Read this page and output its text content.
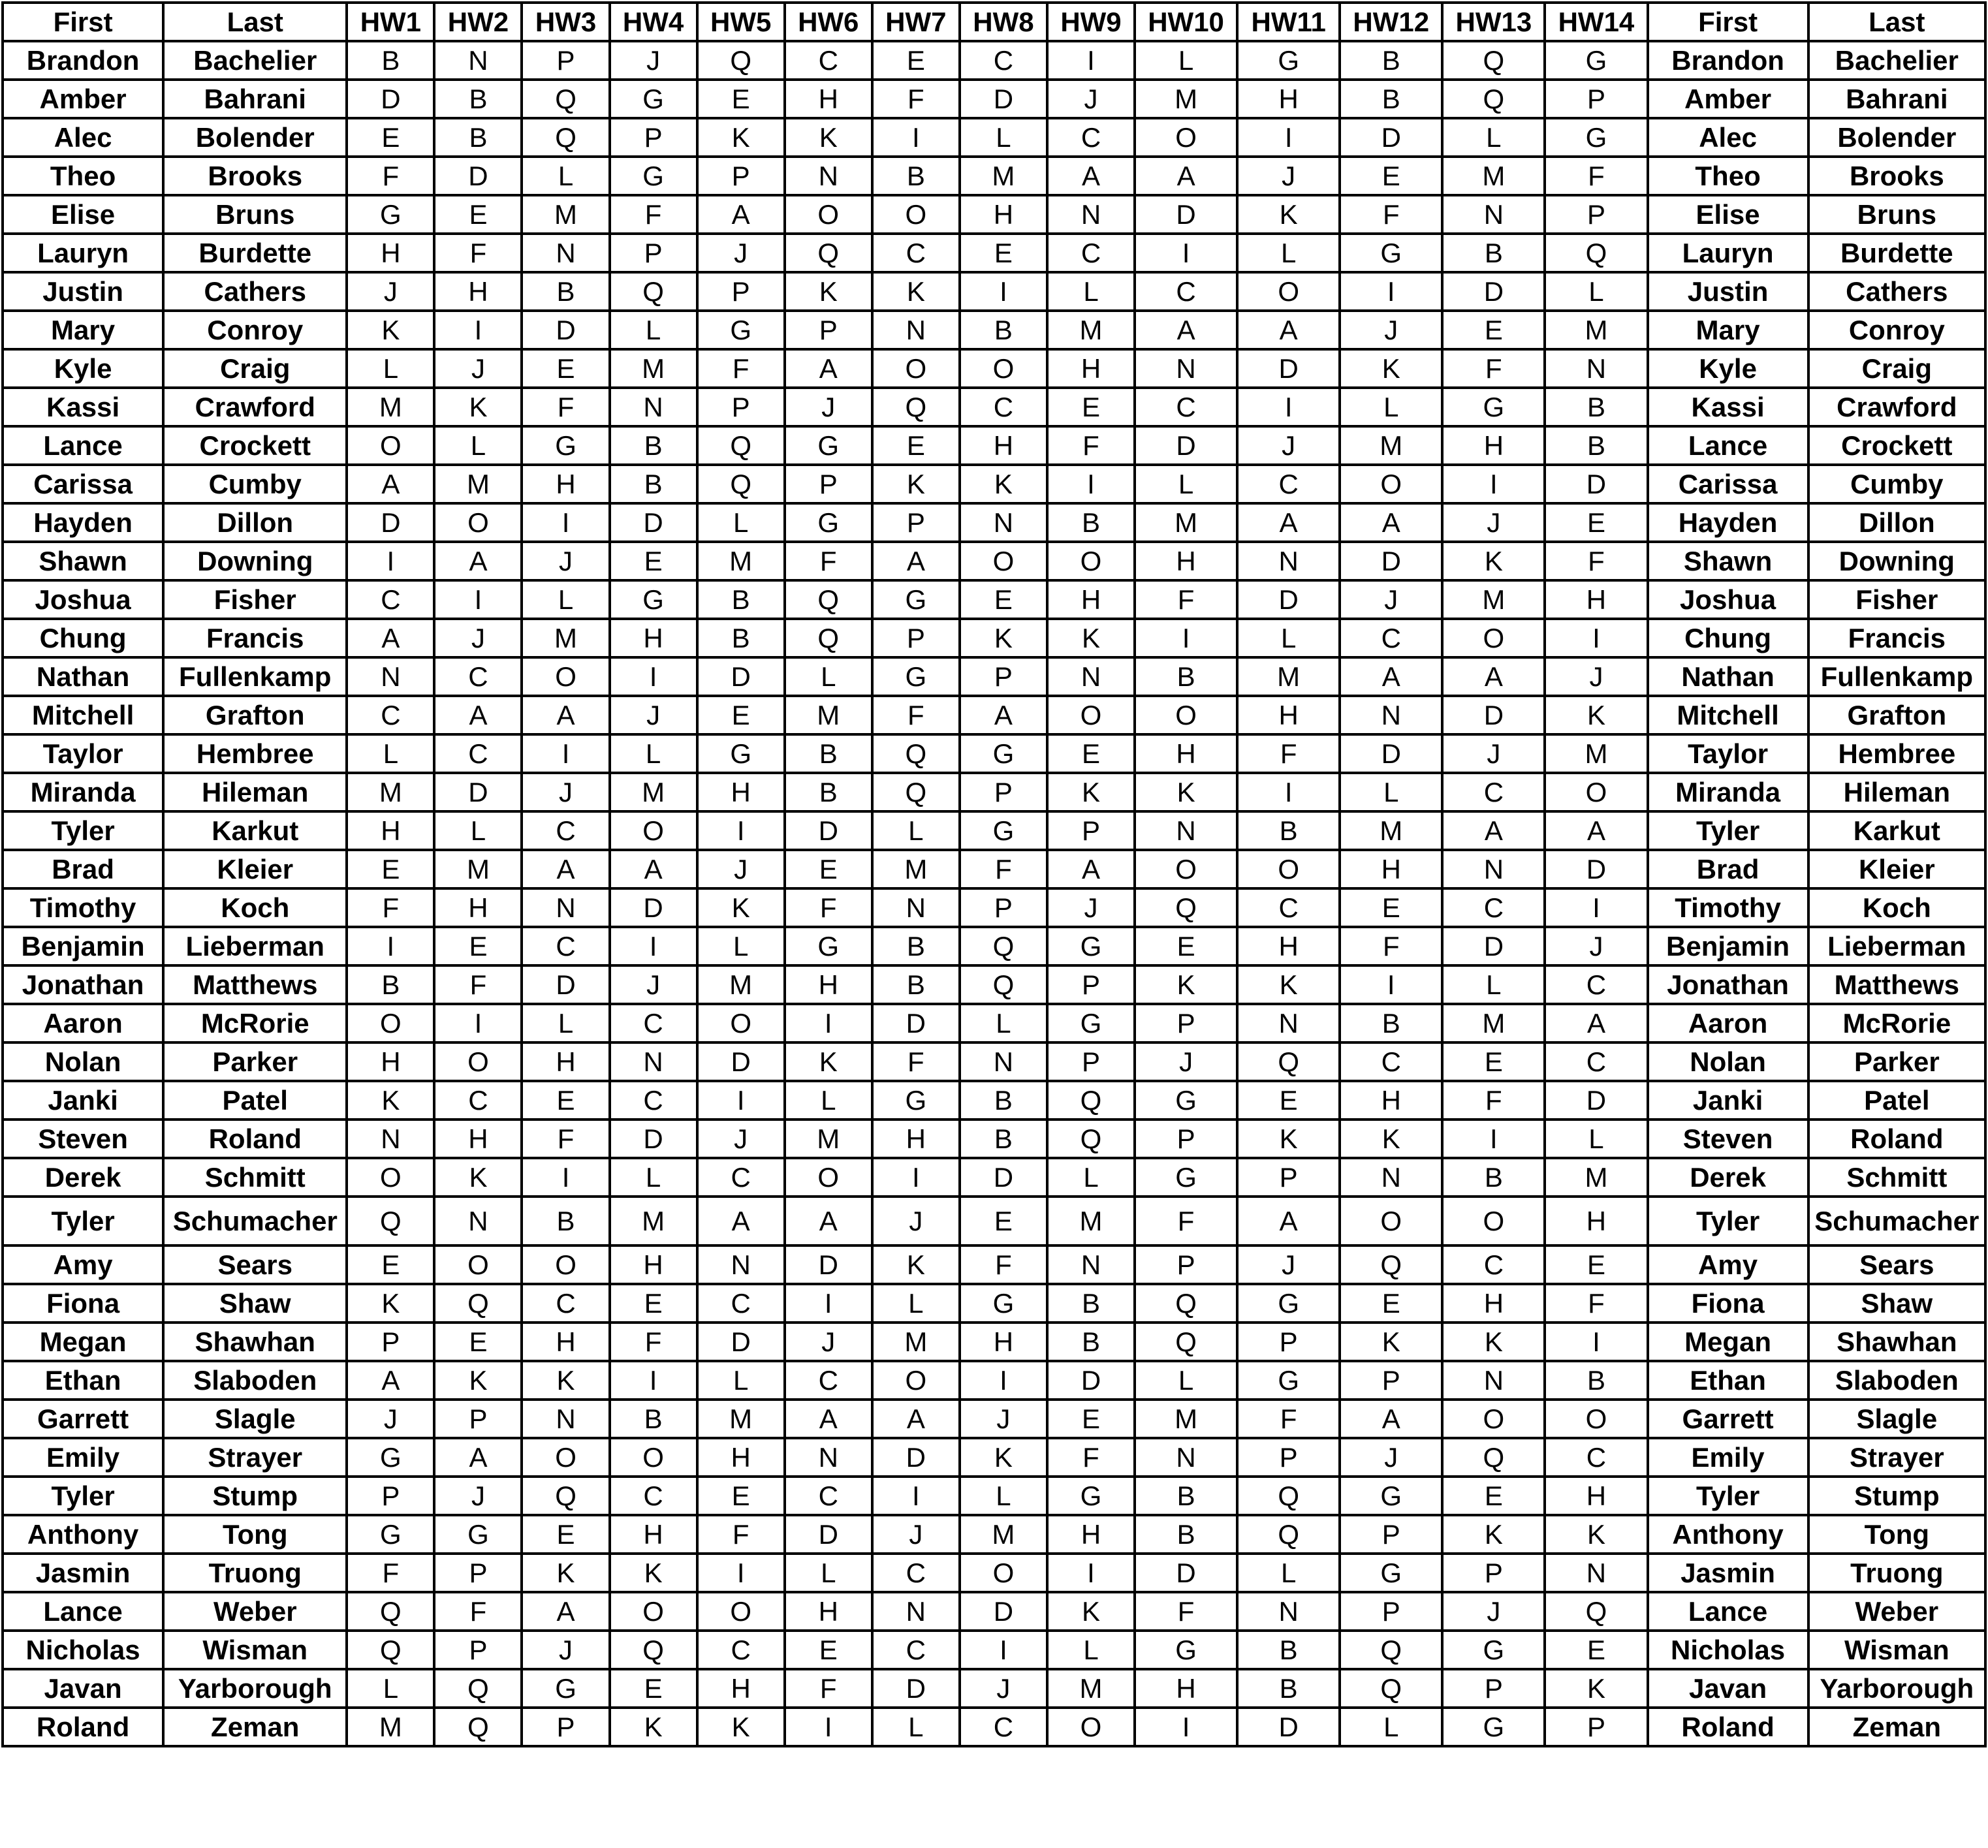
First	Last	HW1	HW2	HW3	HW4	HW5	HW6	HW7	HW8	HW9	HW10	HW11	HW12	HW13	HW14	First	Last
Brandon	Bachelier	B	N	P	J	Q	C	E	C	I	L	G	B	Q	G	Brandon	Bachelier
Amber	Bahrani	D	B	Q	G	E	H	F	D	J	M	H	B	Q	P	Amber	Bahrani
Alec	Bolender	E	B	Q	P	K	K	I	L	C	O	I	D	L	G	Alec	Bolender
Theo	Brooks	F	D	L	G	P	N	B	M	A	A	J	E	M	F	Theo	Brooks
Elise	Bruns	G	E	M	F	A	O	O	H	N	D	K	F	N	P	Elise	Bruns
Lauryn	Burdette	H	F	N	P	J	Q	C	E	C	I	L	G	B	Q	Lauryn	Burdette
Justin	Cathers	J	H	B	Q	P	K	K	I	L	C	O	I	D	L	Justin	Cathers
Mary	Conroy	K	I	D	L	G	P	N	B	M	A	A	J	E	M	Mary	Conroy
Kyle	Craig	L	J	E	M	F	A	O	O	H	N	D	K	F	N	Kyle	Craig
Kassi	Crawford	M	K	F	N	P	J	Q	C	E	C	I	L	G	B	Kassi	Crawford
Lance	Crockett	O	L	G	B	Q	G	E	H	F	D	J	M	H	B	Lance	Crockett
Carissa	Cumby	A	M	H	B	Q	P	K	K	I	L	C	O	I	D	Carissa	Cumby
Hayden	Dillon	D	O	I	D	L	G	P	N	B	M	A	A	J	E	Hayden	Dillon
Shawn	Downing	I	A	J	E	M	F	A	O	O	H	N	D	K	F	Shawn	Downing
Joshua	Fisher	C	I	L	G	B	Q	G	E	H	F	D	J	M	H	Joshua	Fisher
Chung	Francis	A	J	M	H	B	Q	P	K	K	I	L	C	O	I	Chung	Francis
Nathan	Fullenkamp	N	C	O	I	D	L	G	P	N	B	M	A	A	J	Nathan	Fullenkamp
Mitchell	Grafton	C	A	A	J	E	M	F	A	O	O	H	N	D	K	Mitchell	Grafton
Taylor	Hembree	L	C	I	L	G	B	Q	G	E	H	F	D	J	M	Taylor	Hembree
Miranda	Hileman	M	D	J	M	H	B	Q	P	K	K	I	L	C	O	Miranda	Hileman
Tyler	Karkut	H	L	C	O	I	D	L	G	P	N	B	M	A	A	Tyler	Karkut
Brad	Kleier	E	M	A	A	J	E	M	F	A	O	O	H	N	D	Brad	Kleier
Timothy	Koch	F	H	N	D	K	F	N	P	J	Q	C	E	C	I	Timothy	Koch
Benjamin	Lieberman	I	E	C	I	L	G	B	Q	G	E	H	F	D	J	Benjamin	Lieberman
Jonathan	Matthews	B	F	D	J	M	H	B	Q	P	K	K	I	L	C	Jonathan	Matthews
Aaron	McRorie	O	I	L	C	O	I	D	L	G	P	N	B	M	A	Aaron	McRorie
Nolan	Parker	H	O	H	N	D	K	F	N	P	J	Q	C	E	C	Nolan	Parker
Janki	Patel	K	C	E	C	I	L	G	B	Q	G	E	H	F	D	Janki	Patel
Steven	Roland	N	H	F	D	J	M	H	B	Q	P	K	K	I	L	Steven	Roland
Derek	Schmitt	O	K	I	L	C	O	I	D	L	G	P	N	B	M	Derek	Schmitt
Tyler	Schumacher	Q	N	B	M	A	A	J	E	M	F	A	O	O	H	Tyler	Schumacher
Amy	Sears	E	O	O	H	N	D	K	F	N	P	J	Q	C	E	Amy	Sears
Fiona	Shaw	K	Q	C	E	C	I	L	G	B	Q	G	E	H	F	Fiona	Shaw
Megan	Shawhan	P	E	H	F	D	J	M	H	B	Q	P	K	K	I	Megan	Shawhan
Ethan	Slaboden	A	K	K	I	L	C	O	I	D	L	G	P	N	B	Ethan	Slaboden
Garrett	Slagle	J	P	N	B	M	A	A	J	E	M	F	A	O	O	Garrett	Slagle
Emily	Strayer	G	A	O	O	H	N	D	K	F	N	P	J	Q	C	Emily	Strayer
Tyler	Stump	P	J	Q	C	E	C	I	L	G	B	Q	G	E	H	Tyler	Stump
Anthony	Tong	G	G	E	H	F	D	J	M	H	B	Q	P	K	K	Anthony	Tong
Jasmin	Truong	F	P	K	K	I	L	C	O	I	D	L	G	P	N	Jasmin	Truong
Lance	Weber	Q	F	A	O	O	H	N	D	K	F	N	P	J	Q	Lance	Weber
Nicholas	Wisman	Q	P	J	Q	C	E	C	I	L	G	B	Q	G	E	Nicholas	Wisman
Javan	Yarborough	L	Q	G	E	H	F	D	J	M	H	B	Q	P	K	Javan	Yarborough
Roland	Zeman	M	Q	P	K	K	I	L	C	O	I	D	L	G	P	Roland	Zeman
